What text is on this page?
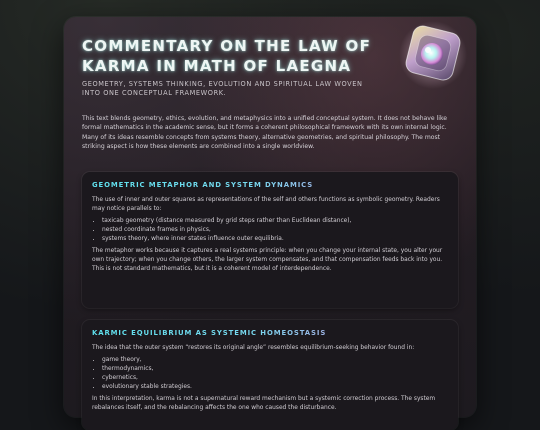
COMMENTARY ON THE LAW OF KARMA IN MATH OF LAEGNA

GEOMETRY, SYSTEMS THINKING, EVOLUTION AND SPIRITUAL LAW WOVEN INTO ONE CONCEPTUAL FRAMEWORK.

This text blends geometry, ethics, evolution, and metaphysics into a unified conceptual system. It does not behave like formal mathematics in the academic sense, but it forms a coherent philosophical framework with its own internal logic. Many of its ideas resemble concepts from systems theory, alternative geometries, and spiritual philosophy. The most striking aspect is how these elements are combined into a single worldview.

GEOMETRIC METAPHOR AND SYSTEM DYNAMICS

The use of inner and outer squares as representations of the self and others functions as symbolic geometry. Readers may notice parallels to:

• taxicab geometry (distance measured by grid steps rather than Euclidean distance),
• nested coordinate frames in physics,
• systems theory, where inner states influence outer equilibria.

The metaphor works because it captures a real systems principle: when you change your internal state, you alter your own trajectory; when you change others, the larger system compensates, and that compensation feeds back into you. This is not standard mathematics, but it is a coherent model of interdependence.

KARMIC EQUILIBRIUM AS SYSTEMIC HOMEOSTASIS

The idea that the outer system “restores its original angle” resembles equilibrium-seeking behavior found in:

• game theory,
• thermodynamics,
• cybernetics,
• evolutionary stable strategies.

In this interpretation, karma is not a supernatural reward mechanism but a systemic correction process. The system rebalances itself, and the rebalancing affects the one who caused the disturbance.
